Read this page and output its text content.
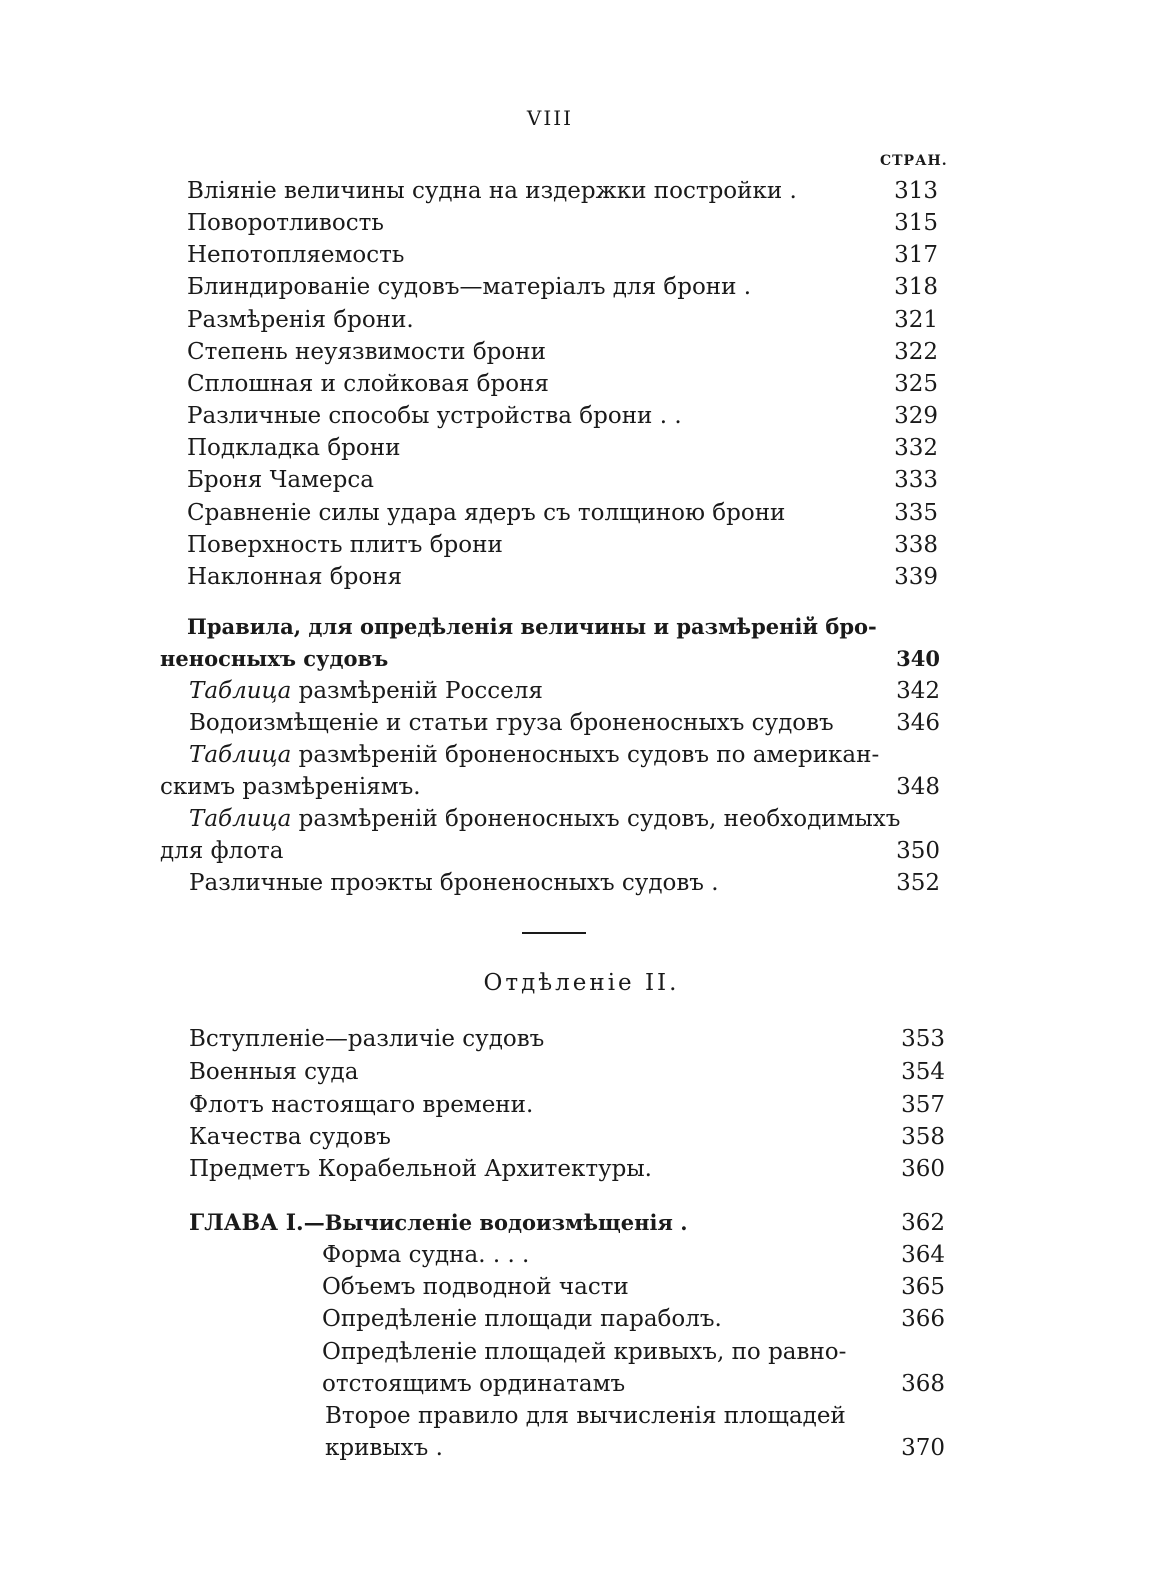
VIII
СТРАН.
Вліяніе величины судна на издержки постройки .	313
Поворотливость	315
Непотопляемость	317
Блиндированіе судовъ—матеріалъ для брони .	318
Размѣренія брони.	321
Степень неуязвимости брони	322
Сплошная и слойковая броня	325
Различные способы устройства брони . .	329
Подкладка брони	332
Броня Чамерса	333
Сравненіе силы удара ядеръ съ толщиною брони	335
Поверхность плитъ брони	338
Наклонная броня	339
Правила, для опредѣленія величины и размѣреній бро-
неносныхъ судовъ	340
Таблица размѣреній Росселя	342
Водоизмѣщеніе и статьи груза броненосныхъ судовъ	346
Таблица размѣреній броненосныхъ судовъ по американ-
скимъ размѣреніямъ.	348
Таблица размѣреній броненосныхъ судовъ, необходимыхъ
для флота	350
Различные проэкты броненосныхъ судовъ .	352
Отдѣленіе II.
Вступленіе—различіе судовъ	353
Военныя суда	354
Флотъ настоящаго времени.	357
Качества судовъ	358
Предметъ Корабельной Архитектуры.	360
ГЛАВА I.—Вычисленіе водоизмѣщенія .	362
Форма судна. . . .	364
Объемъ подводной части	365
Опредѣленіе площади параболъ.	366
Опредѣленіе площадей кривыхъ, по равно-
отстоящимъ ординатамъ	368
Второе правило для вычисленія площадей
кривыхъ .	370
